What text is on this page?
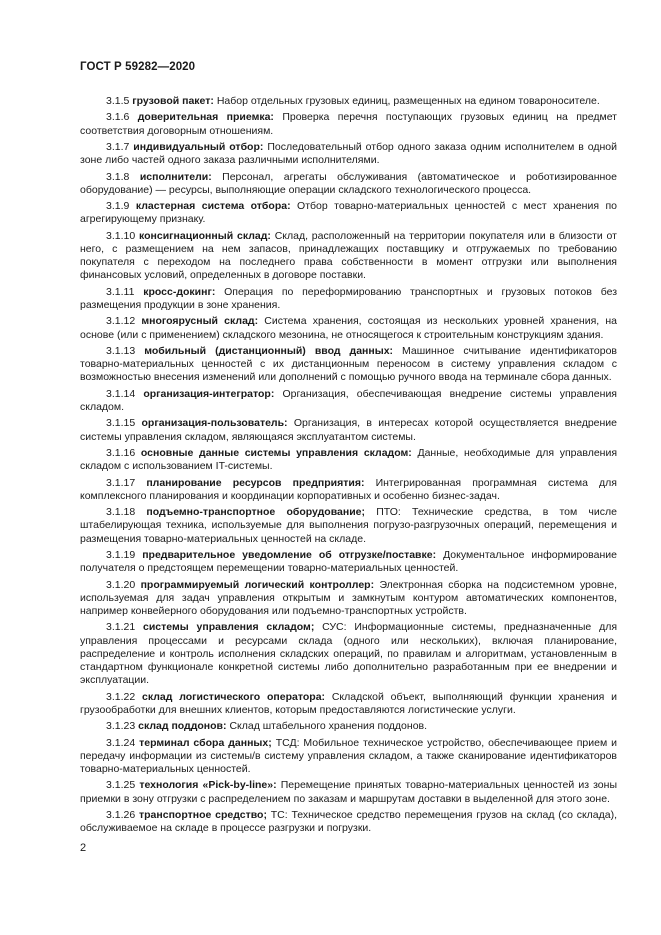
ГОСТ Р 59282—2020

3.1.5 грузовой пакет: Набор отдельных грузовых единиц, размещенных на едином товароносителе.

3.1.6 доверительная приемка: Проверка перечня поступающих грузовых единиц на предмет соответствия договорным отношениям.

3.1.7 индивидуальный отбор: Последовательный отбор одного заказа одним исполнителем в одной зоне либо частей одного заказа различными исполнителями.

3.1.8 исполнители: Персонал, агрегаты обслуживания (автоматическое и роботизированное оборудование) — ресурсы, выполняющие операции складского технологического процесса.

3.1.9 кластерная система отбора: Отбор товарно-материальных ценностей с мест хранения по агрегирующему признаку.

3.1.10 консигнационный склад: Склад, расположенный на территории покупателя или в близости от него, с размещением на нем запасов, принадлежащих поставщику и отгружаемых по требованию покупателя с переходом на последнего права собственности в момент отгрузки или выполнения финансовых условий, определенных в договоре поставки.

3.1.11 кросс-докинг: Операция по переформированию транспортных и грузовых потоков без размещения продукции в зоне хранения.

3.1.12 многоярусный склад: Система хранения, состоящая из нескольких уровней хранения, на основе (или с применением) складского мезонина, не относящегося к строительным конструкциям здания.

3.1.13 мобильный (дистанционный) ввод данных: Машинное считывание идентификаторов товарно-материальных ценностей с их дистанционным переносом в систему управления складом с возможностью внесения изменений или дополнений с помощью ручного ввода на терминале сбора данных.

3.1.14 организация-интегратор: Организация, обеспечивающая внедрение системы управления складом.

3.1.15 организация-пользователь: Организация, в интересах которой осуществляется внедрение системы управления складом, являющаяся эксплуатантом системы.

3.1.16 основные данные системы управления складом: Данные, необходимые для управления складом с использованием IT-системы.

3.1.17 планирование ресурсов предприятия: Интегрированная программная система для комплексного планирования и координации корпоративных и особенно бизнес-задач.

3.1.18 подъемно-транспортное оборудование; ПТО: Технические средства, в том числе штабелирующая техника, используемые для выполнения погрузо-разгрузочных операций, перемещения и размещения товарно-материальных ценностей на складе.

3.1.19 предварительное уведомление об отгрузке/поставке: Документальное информирование получателя о предстоящем перемещении товарно-материальных ценностей.

3.1.20 программируемый логический контроллер: Электронная сборка на подсистемном уровне, используемая для задач управления открытым и замкнутым контуром автоматических компонентов, например конвейерного оборудования или подъемно-транспортных устройств.

3.1.21 системы управления складом; СУС: Информационные системы, предназначенные для управления процессами и ресурсами склада (одного или нескольких), включая планирование, распределение и контроль исполнения складских операций, по правилам и алгоритмам, установленным в стандартном функционале конкретной системы либо дополнительно разработанным при ее внедрении и эксплуатации.

3.1.22 склад логистического оператора: Складской объект, выполняющий функции хранения и грузообработки для внешних клиентов, которым предоставляются логистические услуги.

3.1.23 склад поддонов: Склад штабельного хранения поддонов.

3.1.24 терминал сбора данных; ТСД: Мобильное техническое устройство, обеспечивающее прием и передачу информации из системы/в систему управления складом, а также сканирование идентификаторов товарно-материальных ценностей.

3.1.25 технология «Pick-by-line»: Перемещение принятых товарно-материальных ценностей из зоны приемки в зону отгрузки с распределением по заказам и маршрутам доставки в выделенной для этого зоне.

3.1.26 транспортное средство; ТС: Техническое средство перемещения грузов на склад (со склада), обслуживаемое на складе в процессе разгрузки и погрузки.

2
